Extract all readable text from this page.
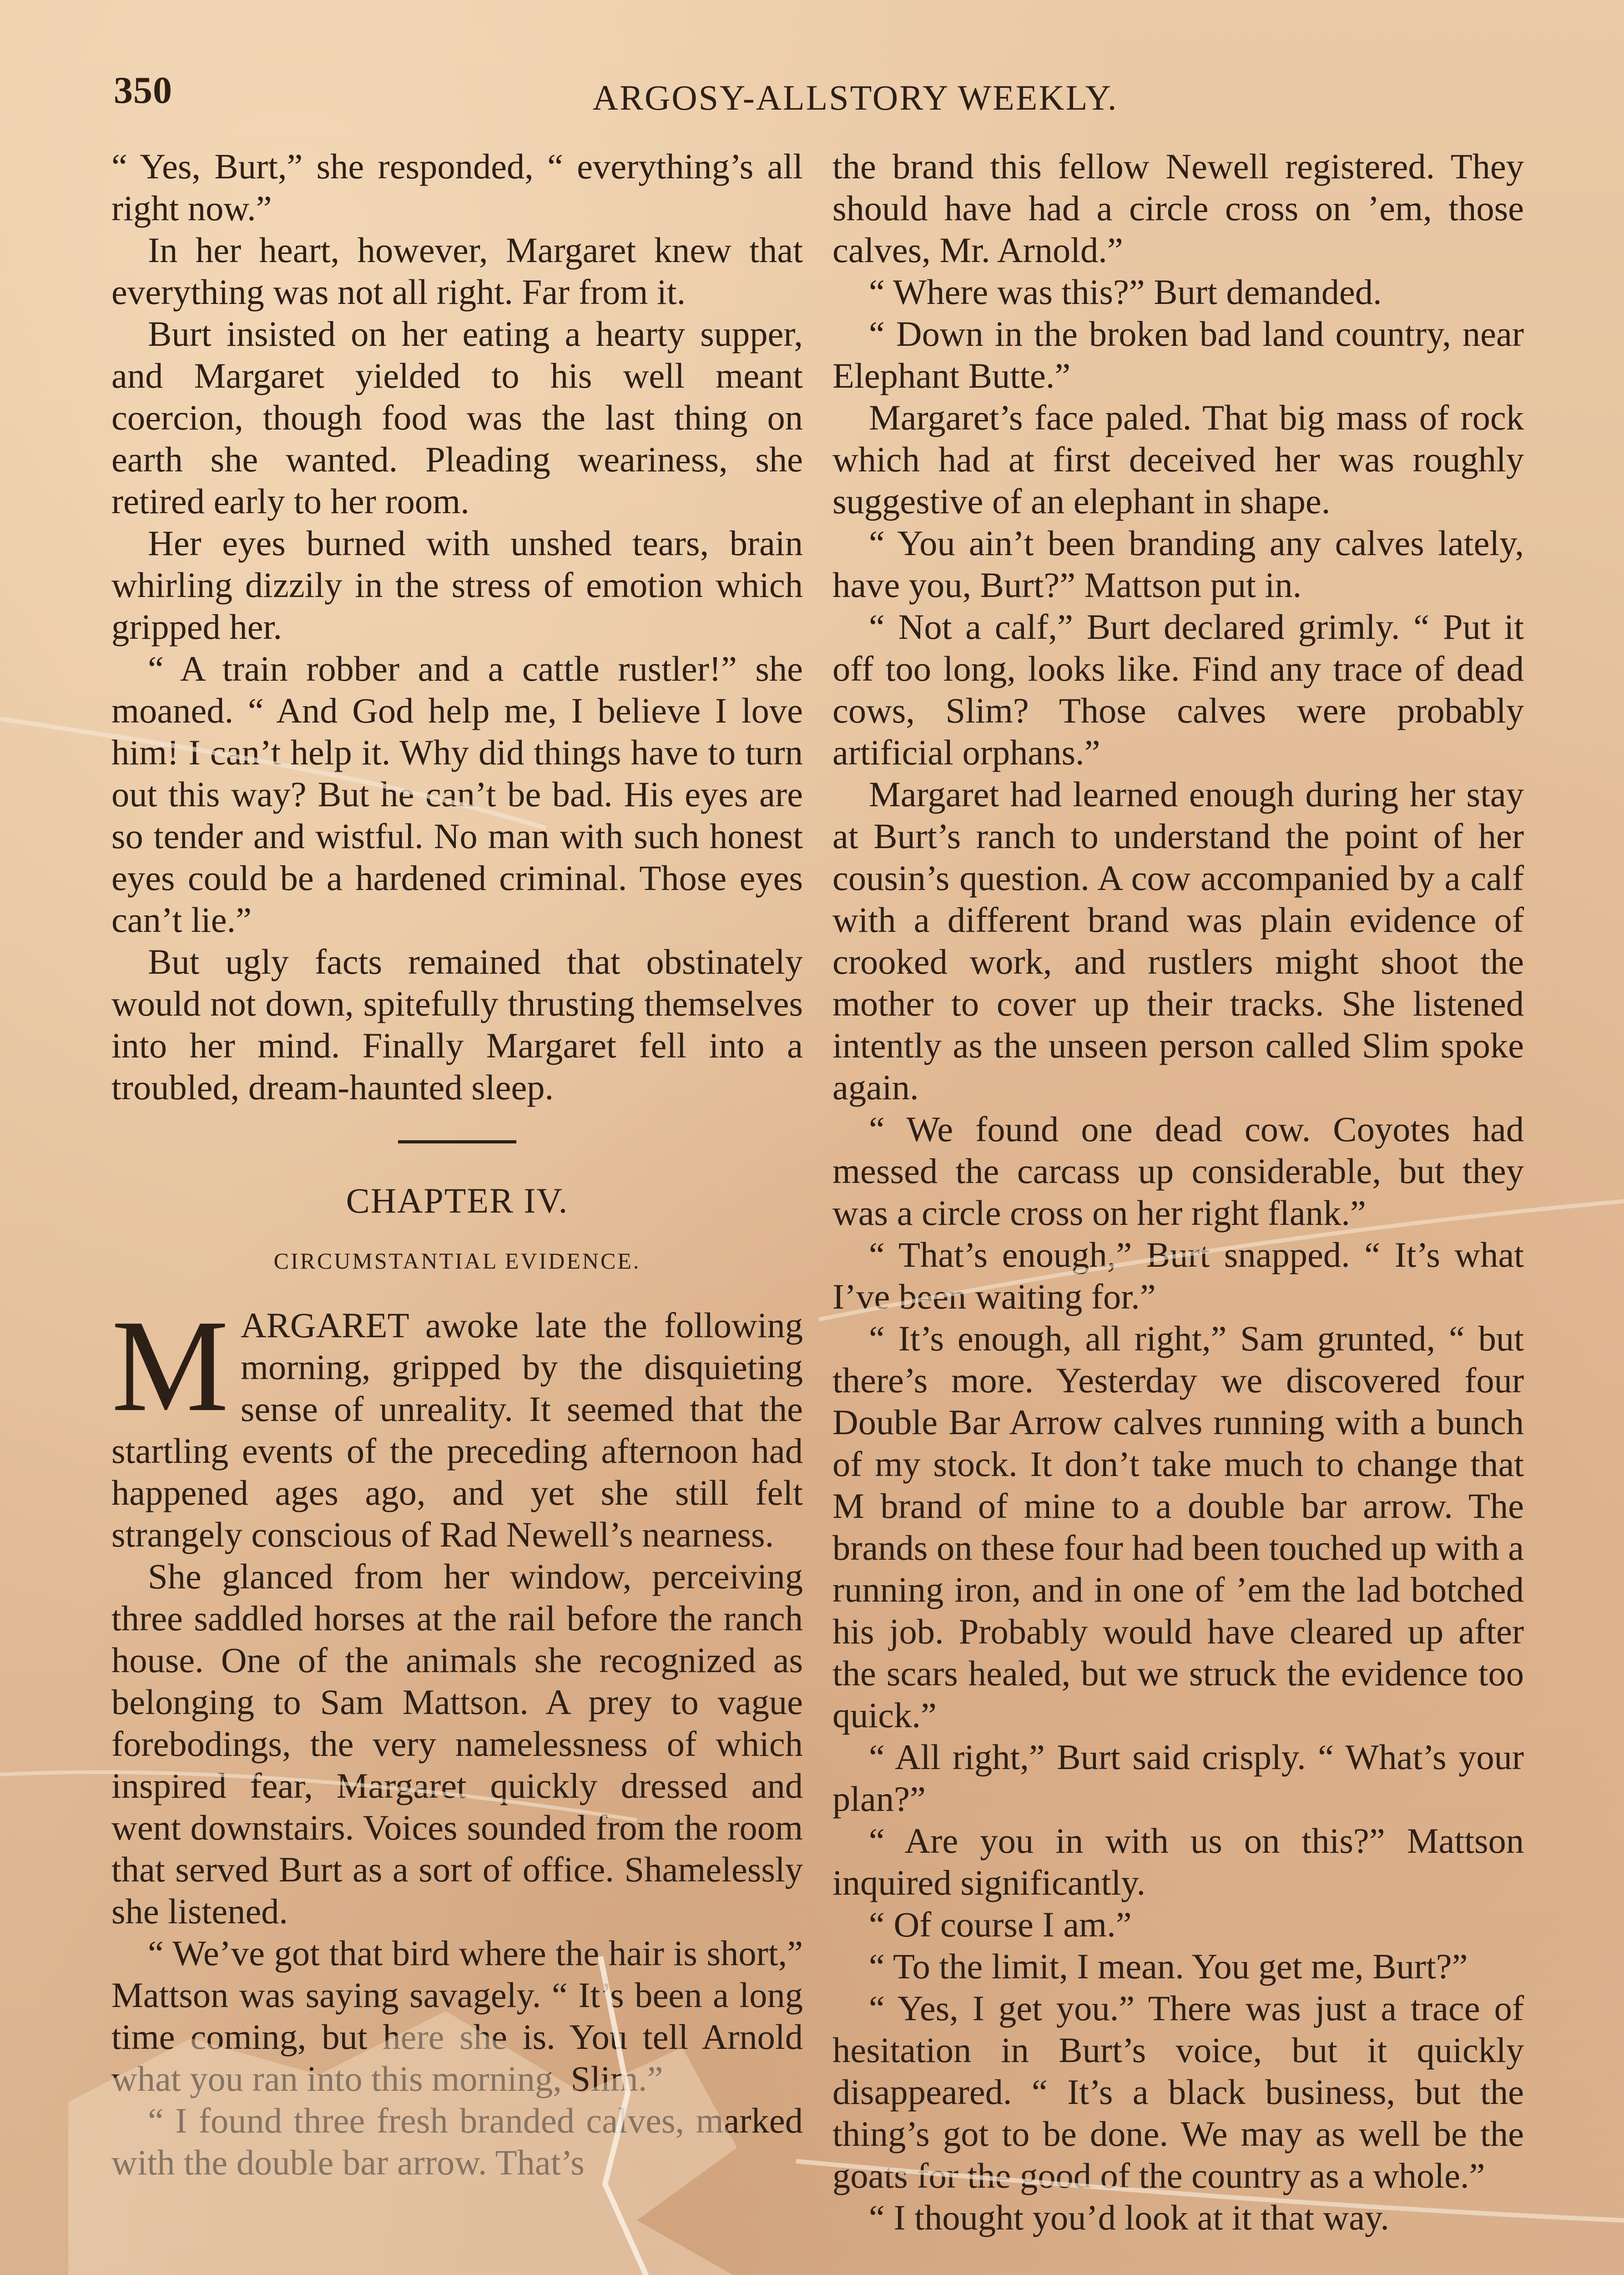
350	ARGOSY-ALLSTORY WEEKLY.

“ Yes, Burt,” she responded, “ everything’s all right now.”

In her heart, however, Margaret knew that everything was not all right. Far from it.

Burt insisted on her eating a hearty supper, and Margaret yielded to his well meant coercion, though food was the last thing on earth she wanted. Pleading weariness, she retired early to her room.

Her eyes burned with unshed tears, brain whirling dizzily in the stress of emotion which gripped her.

“ A train robber and a cattle rustler!” she moaned. “ And God help me, I believe I love him! I can’t help it. Why did things have to turn out this way? But he can’t be bad. His eyes are so tender and wistful. No man with such honest eyes could be a hardened criminal. Those eyes can’t lie.”

But ugly facts remained that obstinately would not down, spitefully thrusting themselves into her mind. Finally Margaret fell into a troubled, dream-haunted sleep.

CHAPTER IV.
CIRCUMSTANTIAL EVIDENCE.

MARGARET awoke late the following morning, gripped by the disquieting sense of unreality. It seemed that the startling events of the preceding afternoon had happened ages ago, and yet she still felt strangely conscious of Rad Newell’s nearness.

She glanced from her window, perceiving three saddled horses at the rail before the ranch house. One of the animals she recognized as belonging to Sam Mattson. A prey to vague forebodings, the very namelessness of which inspired fear, Margaret quickly dressed and went downstairs. Voices sounded from the room that served Burt as a sort of office. Shamelessly she listened.

“ We’ve got that bird where the hair is short,” Mattson was saying savagely. “ It’s been a long time coming, but here she is. You tell Arnold what you ran into this morning, Slim.”

“ I found three fresh branded calves, marked with the double bar arrow. That’s

the brand this fellow Newell registered. They should have had a circle cross on ’em, those calves, Mr. Arnold.”

“ Where was this?” Burt demanded.

“ Down in the broken bad land country, near Elephant Butte.”

Margaret’s face paled. That big mass of rock which had at first deceived her was roughly suggestive of an elephant in shape.

“ You ain’t been branding any calves lately, have you, Burt?” Mattson put in.

“ Not a calf,” Burt declared grimly. “ Put it off too long, looks like. Find any trace of dead cows, Slim? Those calves were probably artificial orphans.”

Margaret had learned enough during her stay at Burt’s ranch to understand the point of her cousin’s question. A cow accompanied by a calf with a different brand was plain evidence of crooked work, and rustlers might shoot the mother to cover up their tracks. She listened intently as the unseen person called Slim spoke again.

“ We found one dead cow. Coyotes had messed the carcass up considerable, but they was a circle cross on her right flank.”

“ That’s enough,” Burt snapped. “ It’s what I’ve been waiting for.”

“ It’s enough, all right,” Sam grunted, “ but there’s more. Yesterday we discovered four Double Bar Arrow calves running with a bunch of my stock. It don’t take much to change that M brand of mine to a double bar arrow. The brands on these four had been touched up with a running iron, and in one of ’em the lad botched his job. Probably would have cleared up after the scars healed, but we struck the evidence too quick.”

“ All right,” Burt said crisply. “ What’s your plan?”

“ Are you in with us on this?” Mattson inquired significantly.

“ Of course I am.”

“ To the limit, I mean. You get me, Burt?”

“ Yes, I get you.” There was just a trace of hesitation in Burt’s voice, but it quickly disappeared. “ It’s a black business, but the thing’s got to be done. We may as well be the goats for the good of the country as a whole.”

“ I thought you’d look at it that way.
